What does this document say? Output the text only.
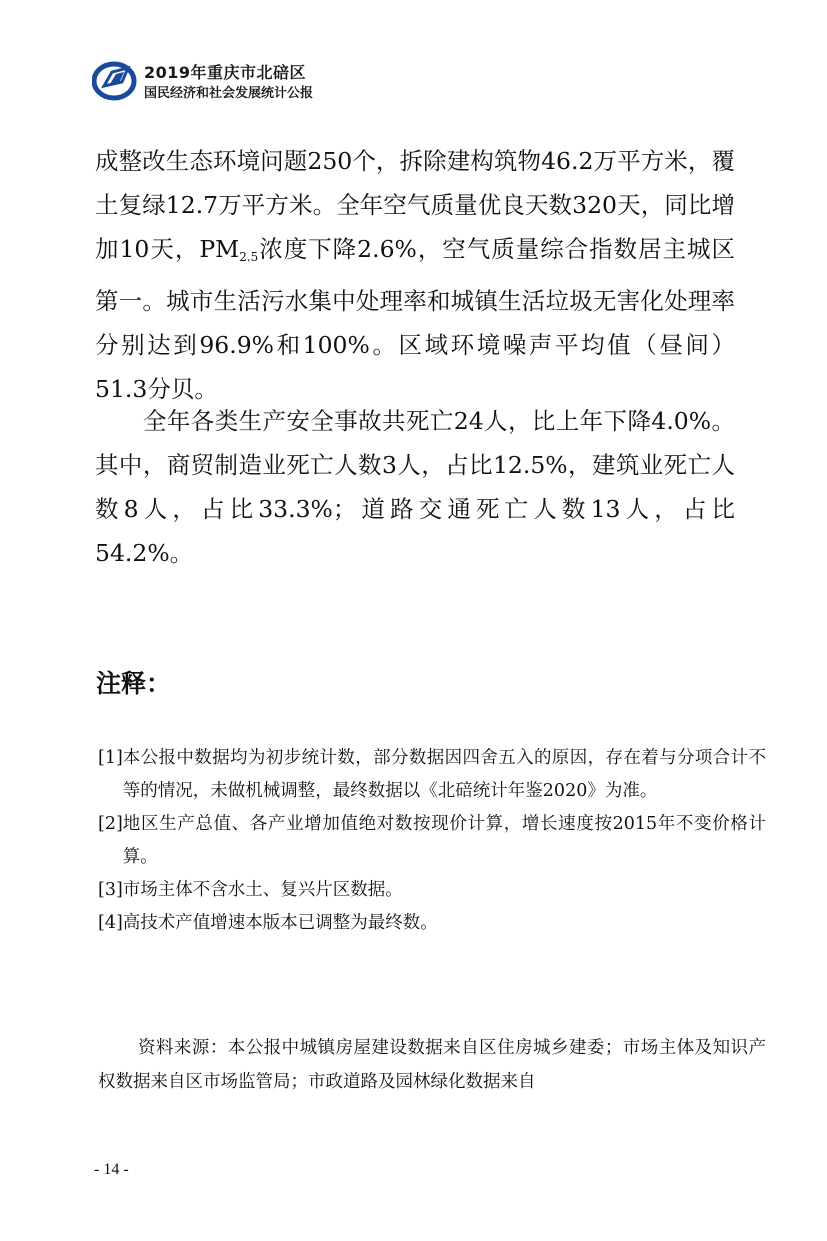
2019年重庆市北碚区
国民经济和社会发展统计公报
成整改生态环境问题250个，拆除建构筑物46.2万平方米，覆土复绿12.7万平方米。全年空气质量优良天数320天，同比增加10天，$PM_{2.5}$浓度下降2.6%，空气质量综合指数居主城区第一。城市生活污水集中处理率和城镇生活垃圾无害化处理率分别达到96.9%和100%。区域环境噪声平均值（昼间）51.3分贝。
全年各类生产安全事故共死亡24人，比上年下降4.0%。其中，商贸制造业死亡人数3人，占比12.5%，建筑业死亡人数8人，占比33.3%；道路交通死亡人数13人，占比54.2%。
注释：
[1] 本公报中数据均为初步统计数，部分数据因四舍五入的原因，存在着与分项合计不等的情况，未做机械调整，最终数据以《北碚统计年鉴2020》为准。
[2] 地区生产总值、各产业增加值绝对数按现价计算，增长速度按2015年不变价格计算。
[3] 市场主体不含水土、复兴片区数据。
[4] 高技术产值增速本版本已调整为最终数。
资料来源：本公报中城镇房屋建设数据来自区住房城乡建委；市场主体及知识产权数据来自区市场监管局；市政道路及园林绿化数据来自
- 14 -
